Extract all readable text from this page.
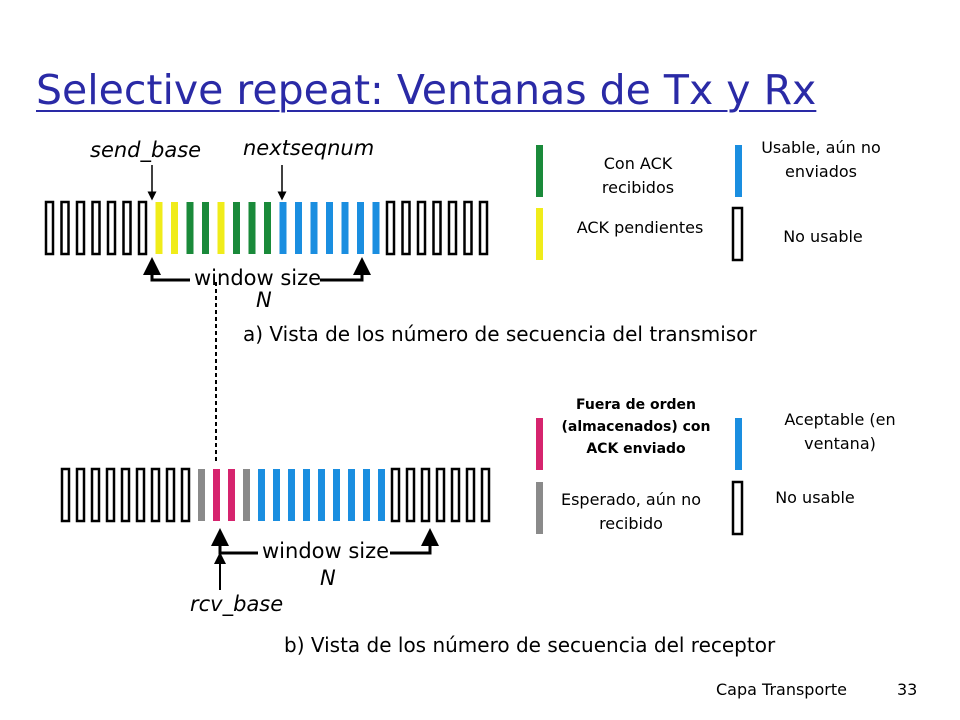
Selective repeat: Ventanas de Tx y Rx
send_base nextseqnum
window size
N
a) Vista de los número de secuencia del transmisor
Con ACK recibidos
ACK pendientes
Usable, aún no enviados
No usable
window size
N
rcv_base
b) Vista de los número de secuencia del receptor
Fuera de orden (almacenados) con ACK enviado
Esperado, aún no recibido
Aceptable (en ventana)
No usable
Capa Transporte	33
